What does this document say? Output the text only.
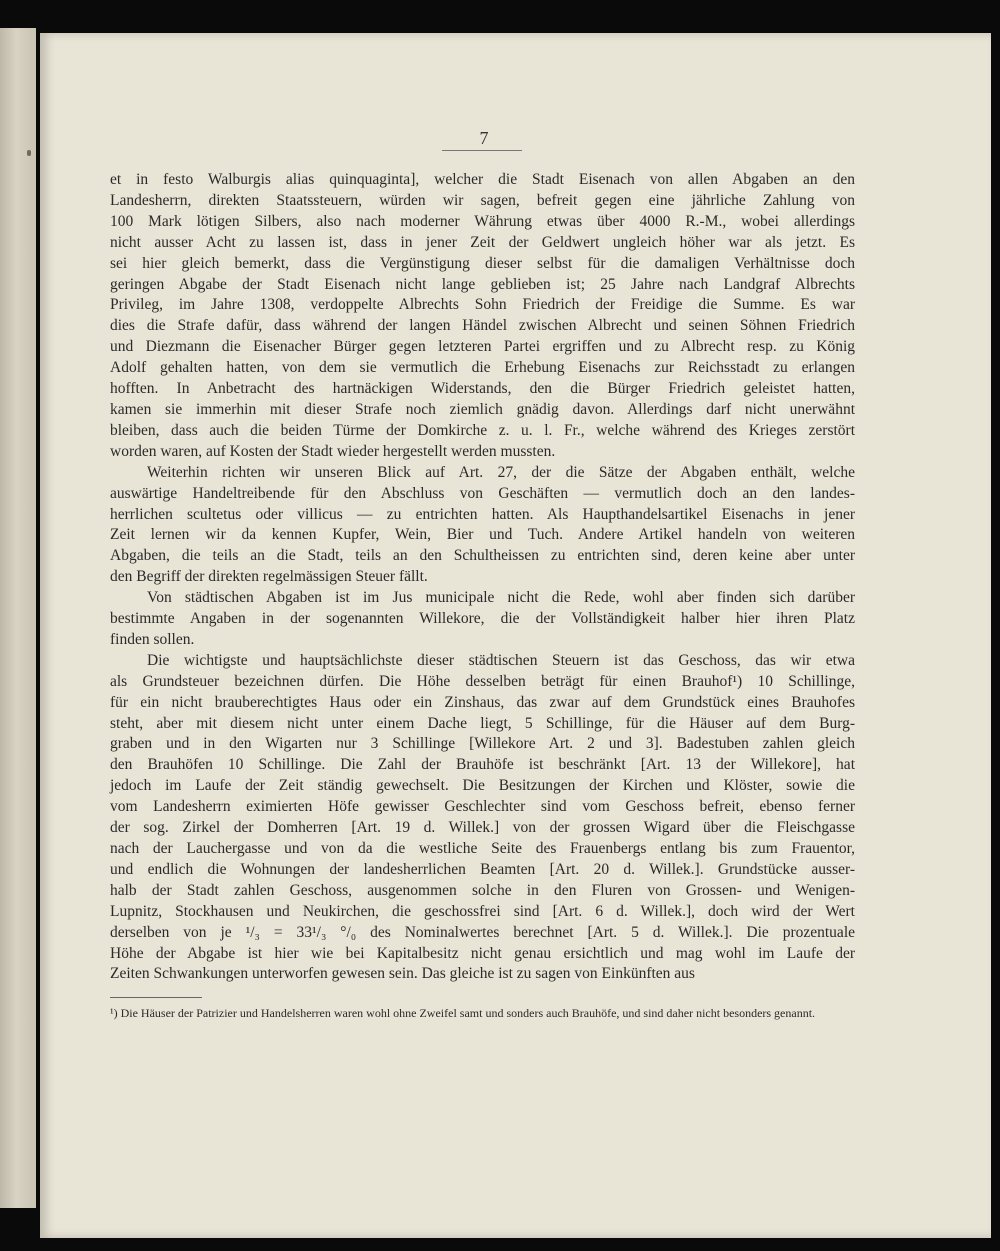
7

et in festo Walburgis alias quinquaginta], welcher die Stadt Eisenach von allen Abgaben an den

Landesherrn, direkten Staatssteuern, würden wir sagen, befreit gegen eine jährliche Zahlung von

100 Mark lötigen Silbers, also nach moderner Währung etwas über 4000 R.-M., wobei allerdings

nicht ausser Acht zu lassen ist, dass in jener Zeit der Geldwert ungleich höher war als jetzt. Es

sei hier gleich bemerkt, dass die Vergünstigung dieser selbst für die damaligen Verhältnisse doch

geringen Abgabe der Stadt Eisenach nicht lange geblieben ist; 25 Jahre nach Landgraf Albrechts

Privileg, im Jahre 1308, verdoppelte Albrechts Sohn Friedrich der Freidige die Summe. Es war

dies die Strafe dafür, dass während der langen Händel zwischen Albrecht und seinen Söhnen Friedrich

und Diezmann die Eisenacher Bürger gegen letzteren Partei ergriffen und zu Albrecht resp. zu König

Adolf gehalten hatten, von dem sie vermutlich die Erhebung Eisenachs zur Reichsstadt zu erlangen

hofften. In Anbetracht des hartnäckigen Widerstands, den die Bürger Friedrich geleistet hatten,

kamen sie immerhin mit dieser Strafe noch ziemlich gnädig davon. Allerdings darf nicht unerwähnt

bleiben, dass auch die beiden Türme der Domkirche z. u. l. Fr., welche während des Krieges zerstört

worden waren, auf Kosten der Stadt wieder hergestellt werden mussten.

Weiterhin richten wir unseren Blick auf Art. 27, der die Sätze der Abgaben enthält, welche

auswärtige Handeltreibende für den Abschluss von Geschäften — vermutlich doch an den landes-

herrlichen scultetus oder villicus — zu entrichten hatten. Als Haupthandelsartikel Eisenachs in jener

Zeit lernen wir da kennen Kupfer, Wein, Bier und Tuch. Andere Artikel handeln von weiteren

Abgaben, die teils an die Stadt, teils an den Schultheissen zu entrichten sind, deren keine aber unter

den Begriff der direkten regelmässigen Steuer fällt.

Von städtischen Abgaben ist im Jus municipale nicht die Rede, wohl aber finden sich darüber

bestimmte Angaben in der sogenannten Willekore, die der Vollständigkeit halber hier ihren Platz

finden sollen.

Die wichtigste und hauptsächlichste dieser städtischen Steuern ist das Geschoss, das wir etwa

als Grundsteuer bezeichnen dürfen. Die Höhe desselben beträgt für einen Brauhof¹) 10 Schillinge,

für ein nicht brauberechtigtes Haus oder ein Zinshaus, das zwar auf dem Grundstück eines Brauhofes

steht, aber mit diesem nicht unter einem Dache liegt, 5 Schillinge, für die Häuser auf dem Burg-

graben und in den Wigarten nur 3 Schillinge [Willekore Art. 2 und 3]. Badestuben zahlen gleich

den Brauhöfen 10 Schillinge. Die Zahl der Brauhöfe ist beschränkt [Art. 13 der Willekore], hat

jedoch im Laufe der Zeit ständig gewechselt. Die Besitzungen der Kirchen und Klöster, sowie die

vom Landesherrn eximierten Höfe gewisser Geschlechter sind vom Geschoss befreit, ebenso ferner

der sog. Zirkel der Domherren [Art. 19 d. Willek.] von der grossen Wigard über die Fleischgasse

nach der Lauchergasse und von da die westliche Seite des Frauenbergs entlang bis zum Frauentor,

und endlich die Wohnungen der landesherrlichen Beamten [Art. 20 d. Willek.]. Grundstücke ausser-

halb der Stadt zahlen Geschoss, ausgenommen solche in den Fluren von Grossen- und Wenigen-

Lupnitz, Stockhausen und Neukirchen, die geschossfrei sind [Art. 6 d. Willek.], doch wird der Wert

derselben von je ¹/₃ = 33¹/₃ °/₀ des Nominalwertes berechnet [Art. 5 d. Willek.]. Die prozentuale

Höhe der Abgabe ist hier wie bei Kapitalbesitz nicht genau ersichtlich und mag wohl im Laufe der

Zeiten Schwankungen unterworfen gewesen sein. Das gleiche ist zu sagen von Einkünften aus

¹) Die Häuser der Patrizier und Handelsherren waren wohl ohne Zweifel samt und sonders auch Brauhöfe, und sind daher nicht besonders genannt.
